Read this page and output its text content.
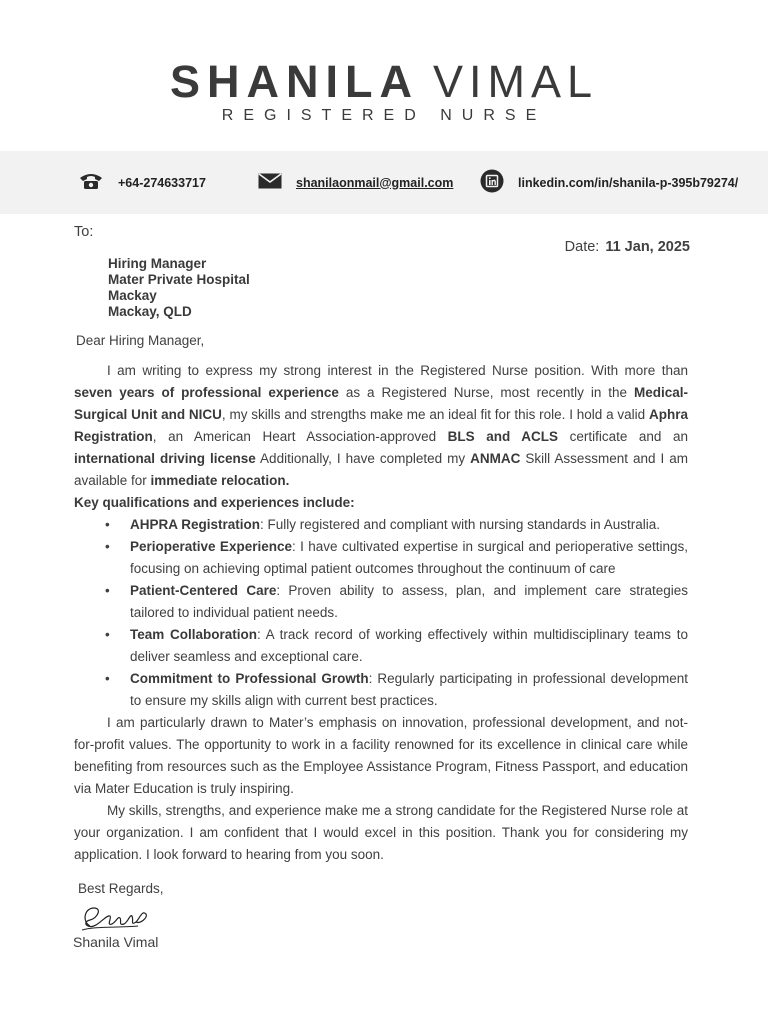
SHANILA VIMAL
REGISTERED NURSE
+64-274633717	shanilaonmail@gmail.com	linkedin.com/in/shanila-p-395b79274/
To:
Date: 11 Jan, 2025
Hiring Manager
Mater Private Hospital
Mackay
Mackay, QLD
Dear Hiring Manager,

I am writing to express my strong interest in the Registered Nurse position. With more than seven years of professional experience as a Registered Nurse, most recently in the Medical-Surgical Unit and NICU, my skills and strengths make me an ideal fit for this role. I hold a valid Aphra Registration, an American Heart Association-approved BLS and ACLS certificate and an international driving license Additionally, I have completed my ANMAC Skill Assessment and I am available for immediate relocation.

Key qualifications and experiences include:
• AHPRA Registration: Fully registered and compliant with nursing standards in Australia.
• Perioperative Experience: I have cultivated expertise in surgical and perioperative settings, focusing on achieving optimal patient outcomes throughout the continuum of care
• Patient-Centered Care: Proven ability to assess, plan, and implement care strategies tailored to individual patient needs.
• Team Collaboration: A track record of working effectively within multidisciplinary teams to deliver seamless and exceptional care.
• Commitment to Professional Growth: Regularly participating in professional development to ensure my skills align with current best practices.

I am particularly drawn to Mater’s emphasis on innovation, professional development, and not-for-profit values. The opportunity to work in a facility renowned for its excellence in clinical care while benefiting from resources such as the Employee Assistance Program, Fitness Passport, and education via Mater Education is truly inspiring.

My skills, strengths, and experience make me a strong candidate for the Registered Nurse role at your organization. I am confident that I would excel in this position. Thank you for considering my application. I look forward to hearing from you soon.

Best Regards,
Shanila Vimal
